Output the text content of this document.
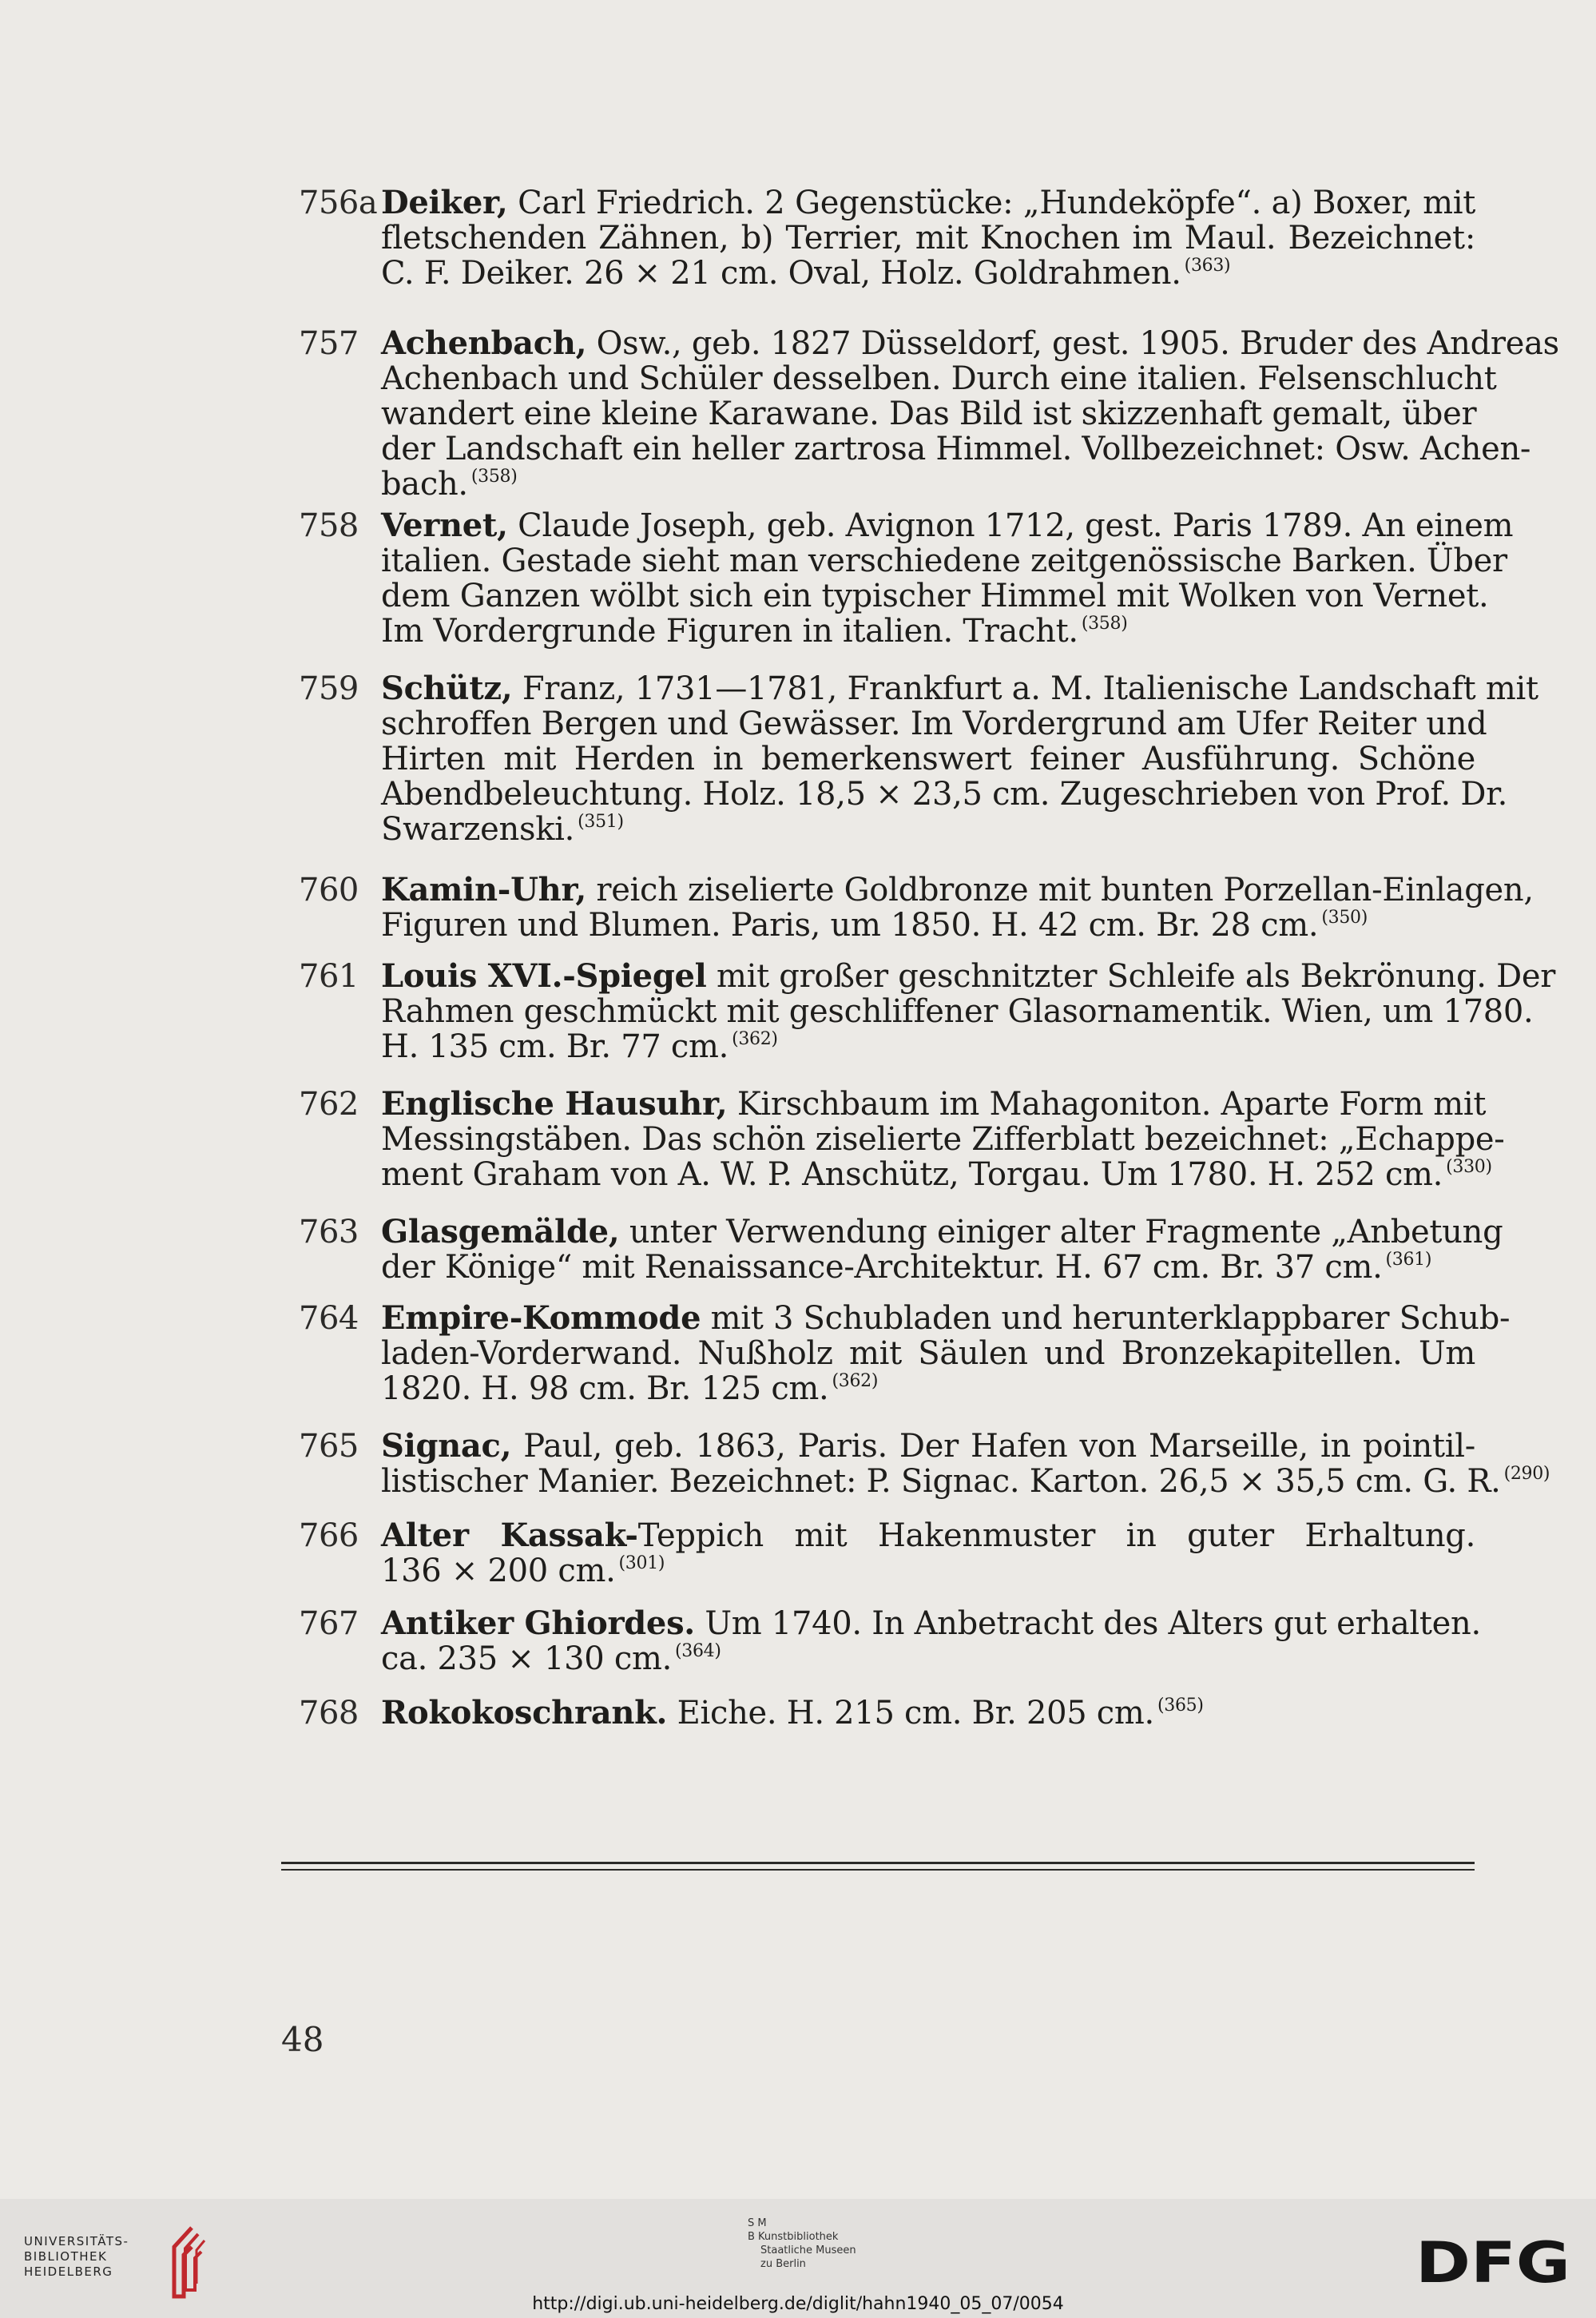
756a Deiker, Carl Friedrich. 2 Gegenstücke: „Hundeköpfe“. a) Boxer, mit
fletschenden Zähnen, b) Terrier, mit Knochen im Maul. Bezeichnet:
C. F. Deiker. 26 × 21 cm. Oval, Holz. Goldrahmen. $^{(363)}$
757 Achenbach, Osw., geb. 1827 Düsseldorf, gest. 1905. Bruder des Andreas
Achenbach und Schüler desselben. Durch eine italien. Felsenschlucht
wandert eine kleine Karawane. Das Bild ist skizzenhaft gemalt, über
der Landschaft ein heller zartrosa Himmel. Vollbezeichnet: Osw. Achen-
bach. $^{(358)}$
758 Vernet, Claude Joseph, geb. Avignon 1712, gest. Paris 1789. An einem
italien. Gestade sieht man verschiedene zeitgenössische Barken. Über
dem Ganzen wölbt sich ein typischer Himmel mit Wolken von Vernet.
Im Vordergrunde Figuren in italien. Tracht. $^{(358)}$
759 Schütz, Franz, 1731—1781, Frankfurt a. M. Italienische Landschaft mit
schroffen Bergen und Gewässer. Im Vordergrund am Ufer Reiter und
Hirten mit Herden in bemerkenswert feiner Ausführung. Schöne
Abendbeleuchtung. Holz. 18,5 × 23,5 cm. Zugeschrieben von Prof. Dr.
Swarzenski. $^{(351)}$
760 Kamin-Uhr, reich ziselierte Goldbronze mit bunten Porzellan-Einlagen,
Figuren und Blumen. Paris, um 1850. H. 42 cm. Br. 28 cm. $^{(350)}$
761 Louis XVI.-Spiegel mit großer geschnitzter Schleife als Bekrönung. Der
Rahmen geschmückt mit geschliffener Glasornamentik. Wien, um 1780.
H. 135 cm. Br. 77 cm. $^{(362)}$
762 Englische Hausuhr, Kirschbaum im Mahagoniton. Aparte Form mit
Messingstäben. Das schön ziselierte Zifferblatt bezeichnet: „Echappe-
ment Graham von A. W. P. Anschütz, Torgau. Um 1780. H. 252 cm. $^{(330)}$
763 Glasgemälde, unter Verwendung einiger alter Fragmente „Anbetung
der Könige“ mit Renaissance-Architektur. H. 67 cm. Br. 37 cm. $^{(361)}$
764 Empire-Kommode mit 3 Schubladen und herunterklappbarer Schub-
laden-Vorderwand. Nußholz mit Säulen und Bronzekapitellen. Um
1820. H. 98 cm. Br. 125 cm. $^{(362)}$
765 Signac, Paul, geb. 1863, Paris. Der Hafen von Marseille, in pointil-
listischer Manier. Bezeichnet: P. Signac. Karton. 26,5 × 35,5 cm. G. R. $^{(290)}$
766 Alter Kassak-Teppich mit Hakenmuster in guter Erhaltung.
136 × 200 cm. $^{(301)}$
767 Antiker Ghiordes. Um 1740. In Anbetracht des Alters gut erhalten.
ca. 235 × 130 cm. $^{(364)}$
768 Rokokoschrank. Eiche. H. 215 cm. Br. 205 cm. $^{(365)}$
48
UNIVERSITÄTS-
BIBLIOTHEK
HEIDELBERG
S M
B Kunstbibliothek
Staatliche Museen
zu Berlin	DFG
http://digi.ub.uni-heidelberg.de/diglit/hahn1940_05_07/0054
